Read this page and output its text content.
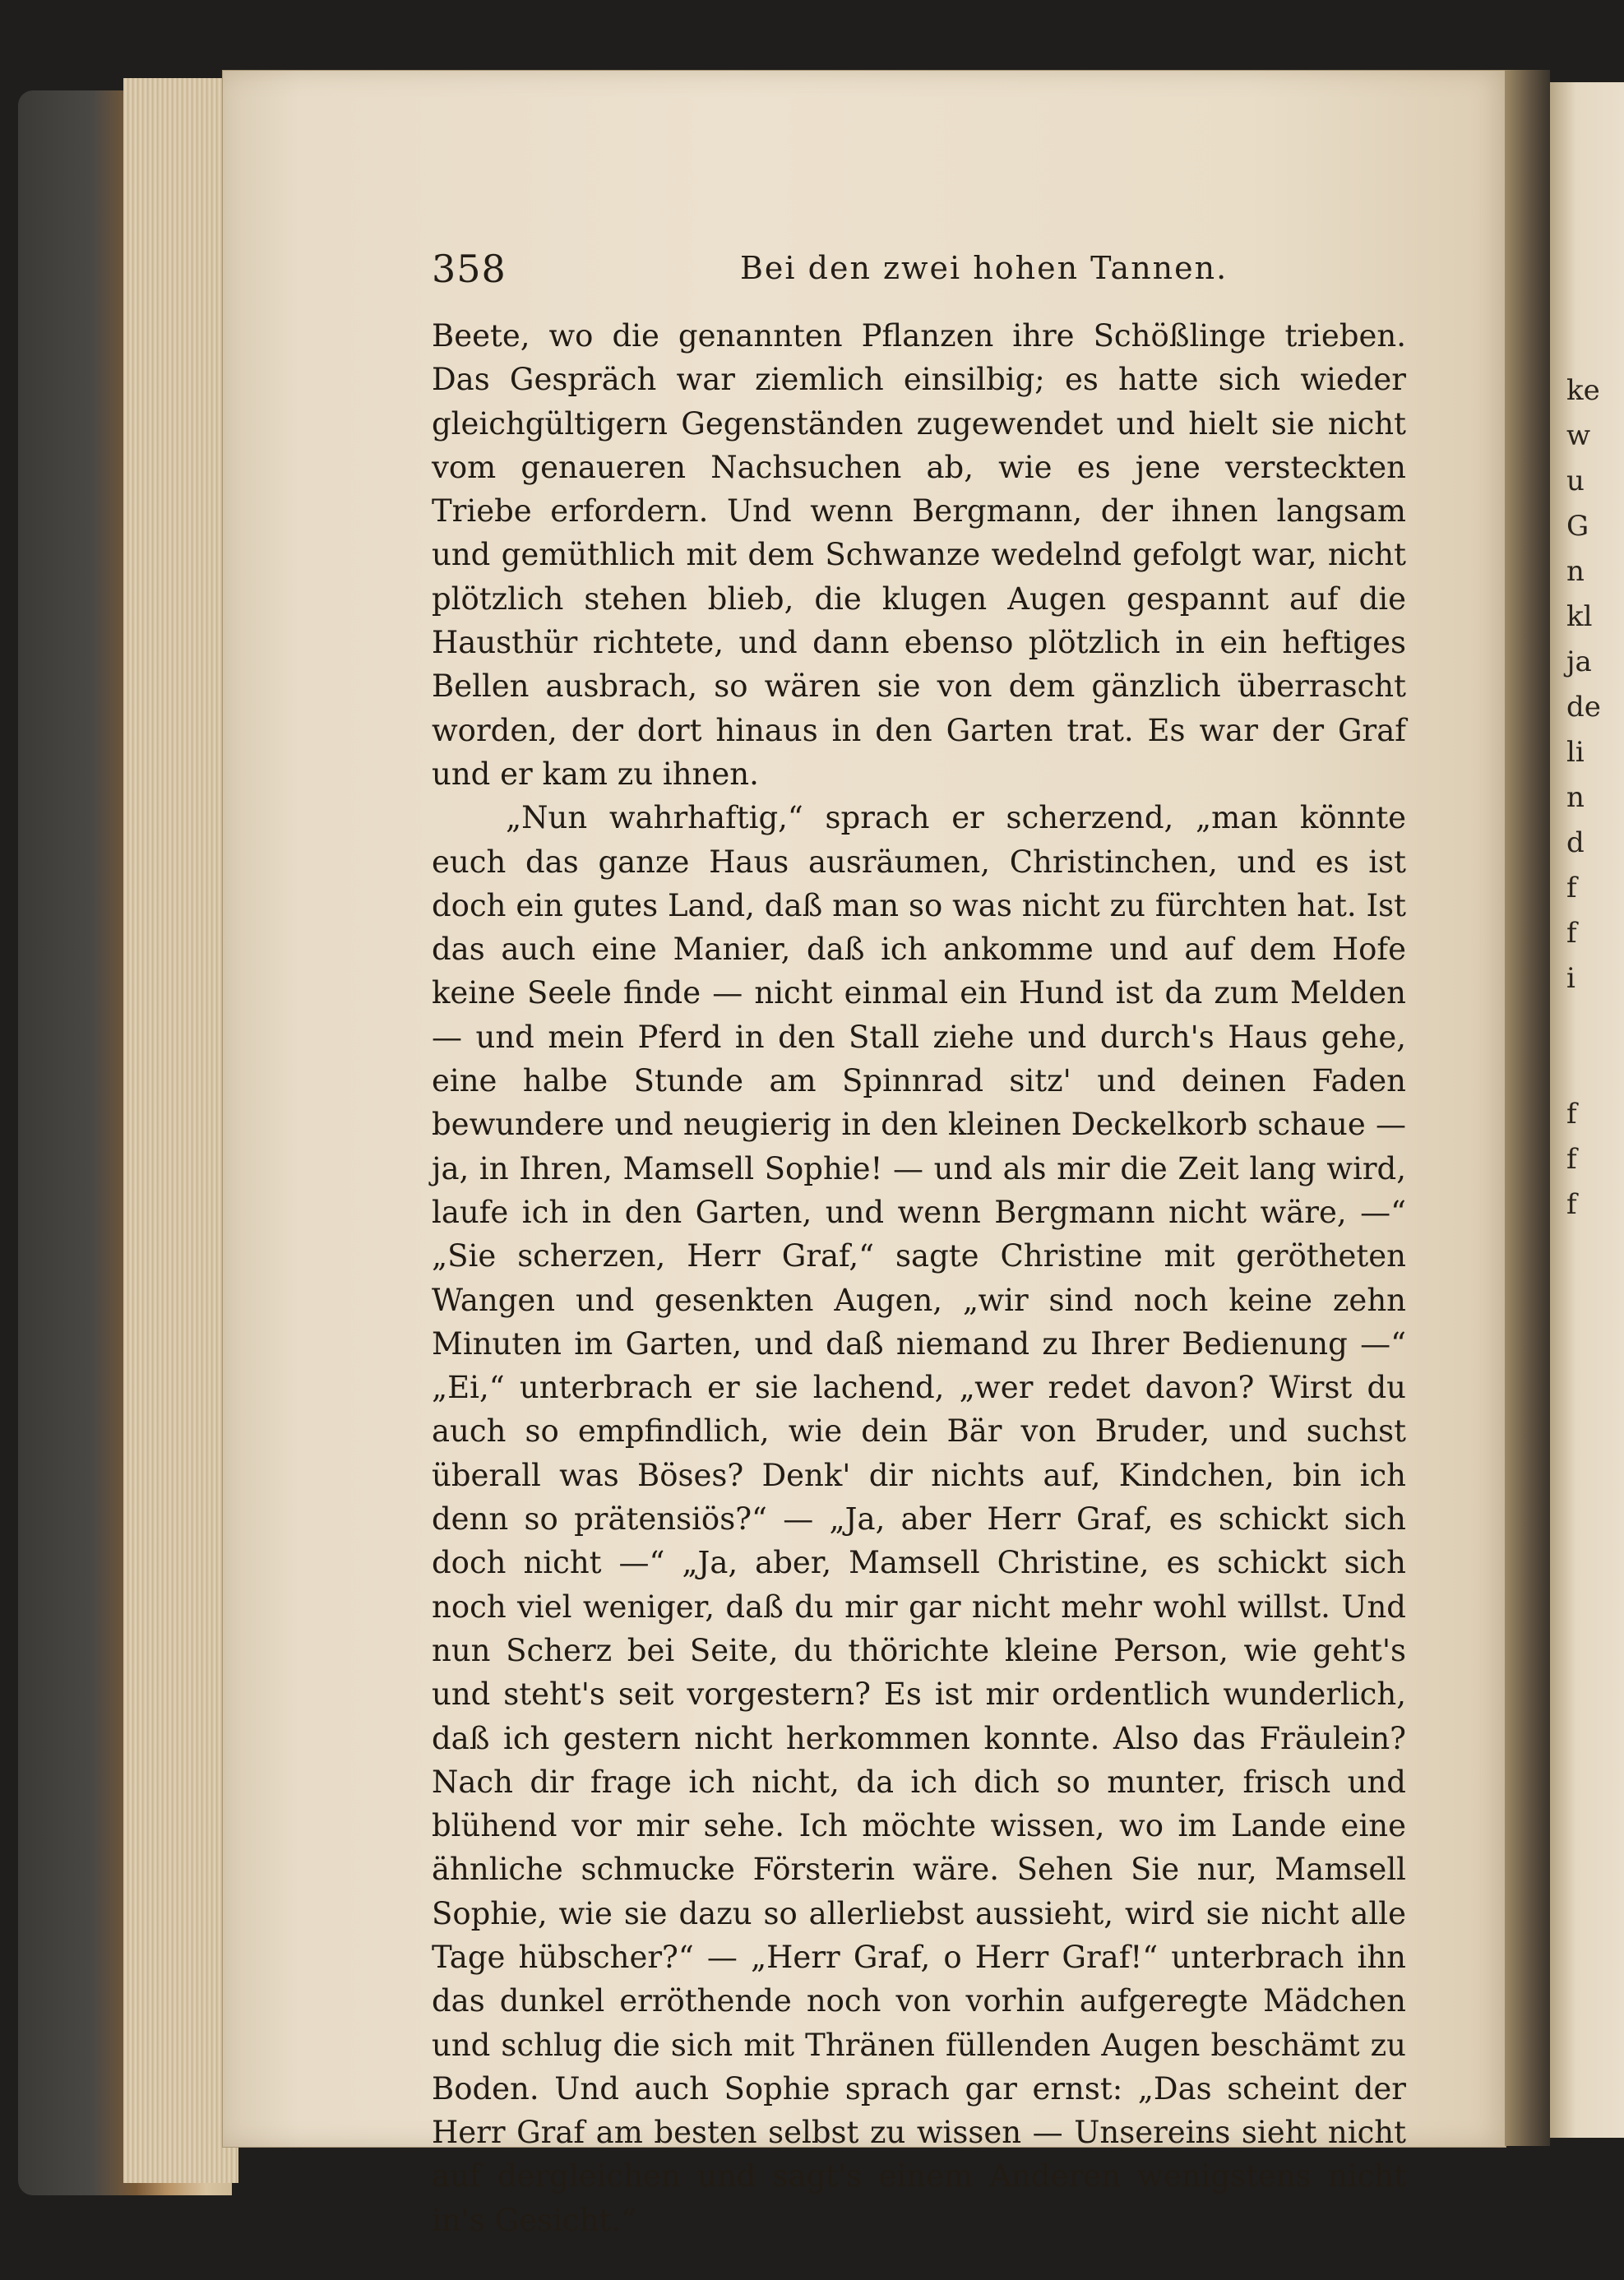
ke
w
u
G
n
kl
ja
de
li
n
d
f
f
i
f
f
f
358	Bei den zwei hohen Tannen.

Beete, wo die genannten Pflanzen ihre Schößlinge trieben. Das Gespräch war ziemlich einsilbig; es hatte sich wieder gleichgültigern Gegenständen zugewendet und hielt sie nicht vom genaueren Nachsuchen ab, wie es jene versteckten Triebe erfordern. Und wenn Bergmann, der ihnen langsam und gemüthlich mit dem Schwanze wedelnd gefolgt war, nicht plötzlich stehen blieb, die klugen Augen gespannt auf die Hausthür richtete, und dann ebenso plötzlich in ein heftiges Bellen ausbrach, so wären sie von dem gänzlich überrascht worden, der dort hinaus in den Garten trat. Es war der Graf und er kam zu ihnen.

„Nun wahrhaftig,“ sprach er scherzend, „man könnte euch das ganze Haus ausräumen, Christinchen, und es ist doch ein gutes Land, daß man so was nicht zu fürchten hat. Ist das auch eine Manier, daß ich ankomme und auf dem Hofe keine Seele finde — nicht einmal ein Hund ist da zum Melden — und mein Pferd in den Stall ziehe und durch's Haus gehe, eine halbe Stunde am Spinnrad sitz' und deinen Faden bewundere und neugierig in den kleinen Deckelkorb schaue — ja, in Ihren, Mamsell Sophie! — und als mir die Zeit lang wird, laufe ich in den Garten, und wenn Bergmann nicht wäre, —“ „Sie scherzen, Herr Graf,“ sagte Christine mit gerötheten Wangen und gesenkten Augen, „wir sind noch keine zehn Minuten im Garten, und daß niemand zu Ihrer Bedienung —“ „Ei,“ unterbrach er sie lachend, „wer redet davon? Wirst du auch so empfindlich, wie dein Bär von Bruder, und suchst überall was Böses? Denk' dir nichts auf, Kindchen, bin ich denn so prätensiös?“ — „Ja, aber Herr Graf, es schickt sich doch nicht —“ „Ja, aber, Mamsell Christine, es schickt sich noch viel weniger, daß du mir gar nicht mehr wohl willst. Und nun Scherz bei Seite, du thörichte kleine Person, wie geht's und steht's seit vorgestern? Es ist mir ordentlich wunderlich, daß ich gestern nicht herkommen konnte. Also das Fräulein? Nach dir frage ich nicht, da ich dich so munter, frisch und blühend vor mir sehe. Ich möchte wissen, wo im Lande eine ähnliche schmucke Försterin wäre. Sehen Sie nur, Mamsell Sophie, wie sie dazu so allerliebst aussieht, wird sie nicht alle Tage hübscher?“ — „Herr Graf, o Herr Graf!“ unterbrach ihn das dunkel erröthende noch von vorhin aufgeregte Mädchen und schlug die sich mit Thränen füllenden Augen beschämt zu Boden. Und auch Sophie sprach gar ernst: „Das scheint der Herr Graf am besten selbst zu wissen — Unsereins sieht nicht auf dergleichen und sagt's einem Anderen wenigstens nicht in's Gesicht.“
